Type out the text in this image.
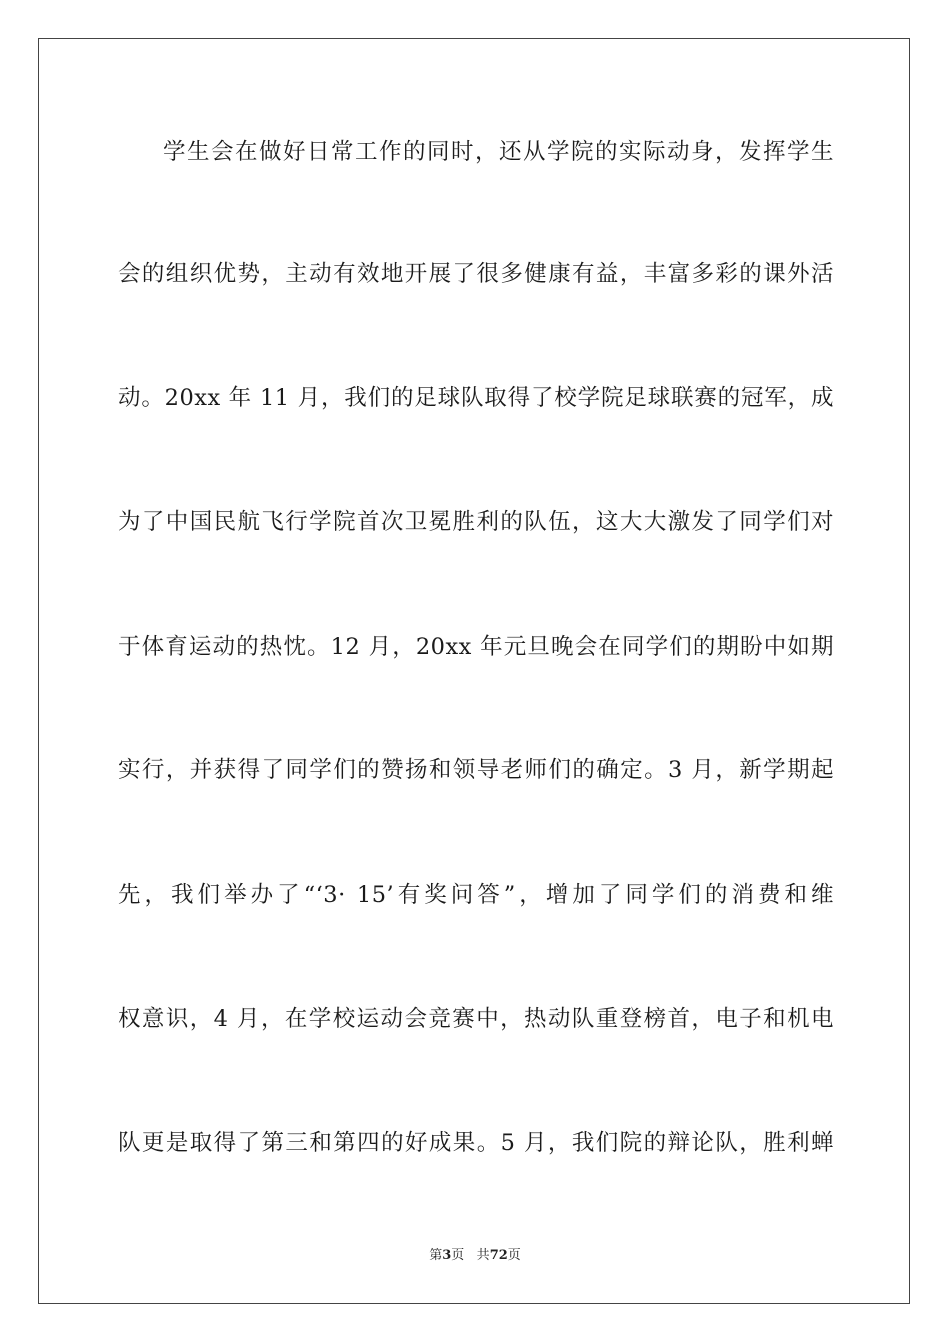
学生会在做好日常工作的同时，还从学院的实际动身，发挥学生
会的组织优势，主动有效地开展了很多健康有益，丰富多彩的课外活
动。20xx 年 11 月，我们的足球队取得了校学院足球联赛的冠军，成
为了中国民航飞行学院首次卫冕胜利的队伍，这大大激发了同学们对
于体育运动的热忱。12 月，20xx 年元旦晚会在同学们的期盼中如期
实行，并获得了同学们的赞扬和领导老师们的确定。3 月，新学期起
先，我们举办了“‘3· 15’有奖问答”，增加了同学们的消费和维
权意识，4 月，在学校运动会竞赛中，热动队重登榜首，电子和机电
队更是取得了第三和第四的好成果。5 月，我们院的辩论队，胜利蝉
第3页 共72页
